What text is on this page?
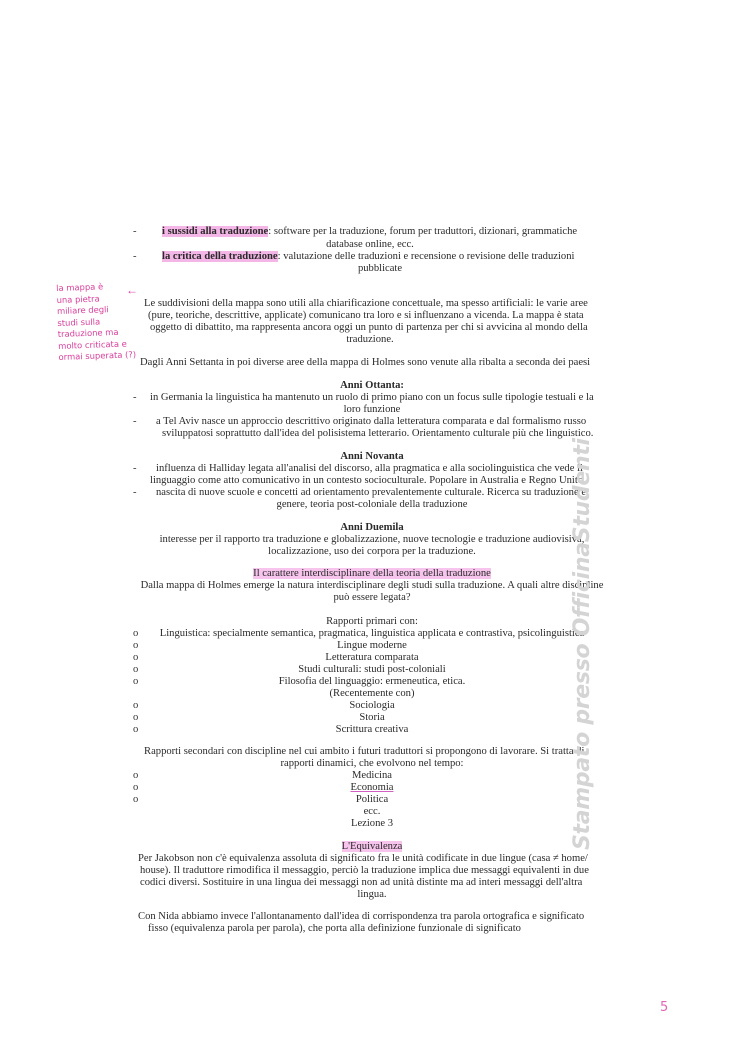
- i sussidi alla traduzione: software per la traduzione, forum per traduttori, dizionari, grammatiche
database online, ecc.
- la critica della traduzione: valutazione delle traduzioni e recensione o revisione delle traduzioni
pubblicate
la mappa è
una pietra
miliare degli
studi sulla
traduzione ma
molto criticata e
ormai superata (?)
←
Le suddivisioni della mappa sono utili alla chiarificazione concettuale, ma spesso artificiali: le varie aree
(pure, teoriche, descrittive, applicate) comunicano tra loro e si influenzano a vicenda. La mappa è stata
oggetto di dibattito, ma rappresenta ancora oggi un punto di partenza per chi si avvicina al mondo della
traduzione.
Dagli Anni Settanta in poi diverse aree della mappa di Holmes sono venute alla ribalta a seconda dei paesi
Anni Ottanta:
- in Germania la linguistica ha mantenuto un ruolo di primo piano con un focus sulle tipologie testuali e la
loro funzione
- a Tel Aviv nasce un approccio descrittivo originato dalla letteratura comparata e dal formalismo russo
sviluppatosi soprattutto dall'idea del polisistema letterario. Orientamento culturale più che linguistico.
Anni Novanta
- influenza di Halliday legata all'analisi del discorso, alla pragmatica e alla sociolinguistica che vede il
linguaggio come atto comunicativo in un contesto socioculturale. Popolare in Australia e Regno Unito.
- nascita di nuove scuole e concetti ad orientamento prevalentemente culturale. Ricerca su traduzione e
genere, teoria post-coloniale della traduzione
Anni Duemila
interesse per il rapporto tra traduzione e globalizzazione, nuove tecnologie e traduzione audiovisiva,
localizzazione, uso dei corpora per la traduzione.
Il carattere interdisciplinare della teoria della traduzione
Dalla mappa di Holmes emerge la natura interdisciplinare degli studi sulla traduzione. A quali altre discipline
può essere legata?
Rapporti primari con:
o	Linguistica: specialmente semantica, pragmatica, linguistica applicata e contrastiva, psicolinguistica
o	Lingue moderne
o	Letteratura comparata
o	Studi culturali: studi post-coloniali
o	Filosofia del linguaggio: ermeneutica, etica.
(Recentemente con)
o	Sociologia
o	Storia
o	Scrittura creativa
Rapporti secondari con discipline nel cui ambito i futuri traduttori si propongono di lavorare. Si tratta di
rapporti dinamici, che evolvono nel tempo:
o	Medicina
o	Economia
o	Politica
ecc.
Lezione 3
L'Equivalenza
Per Jakobson non c'è equivalenza assoluta di significato fra le unità codificate in due lingue (casa ≠ home/
house). Il traduttore rimodifica il messaggio, perciò la traduzione implica due messaggi equivalenti in due
codici diversi. Sostituire in una lingua dei messaggi non ad unità distinte ma ad interi messaggi dell'altra
lingua.
Con Nida abbiamo invece l'allontanamento dall'idea di corrispondenza tra parola ortografica e significato
fisso (equivalenza parola per parola), che porta alla definizione funzionale di significato
Stampato presso OfficinaStudenti
5
